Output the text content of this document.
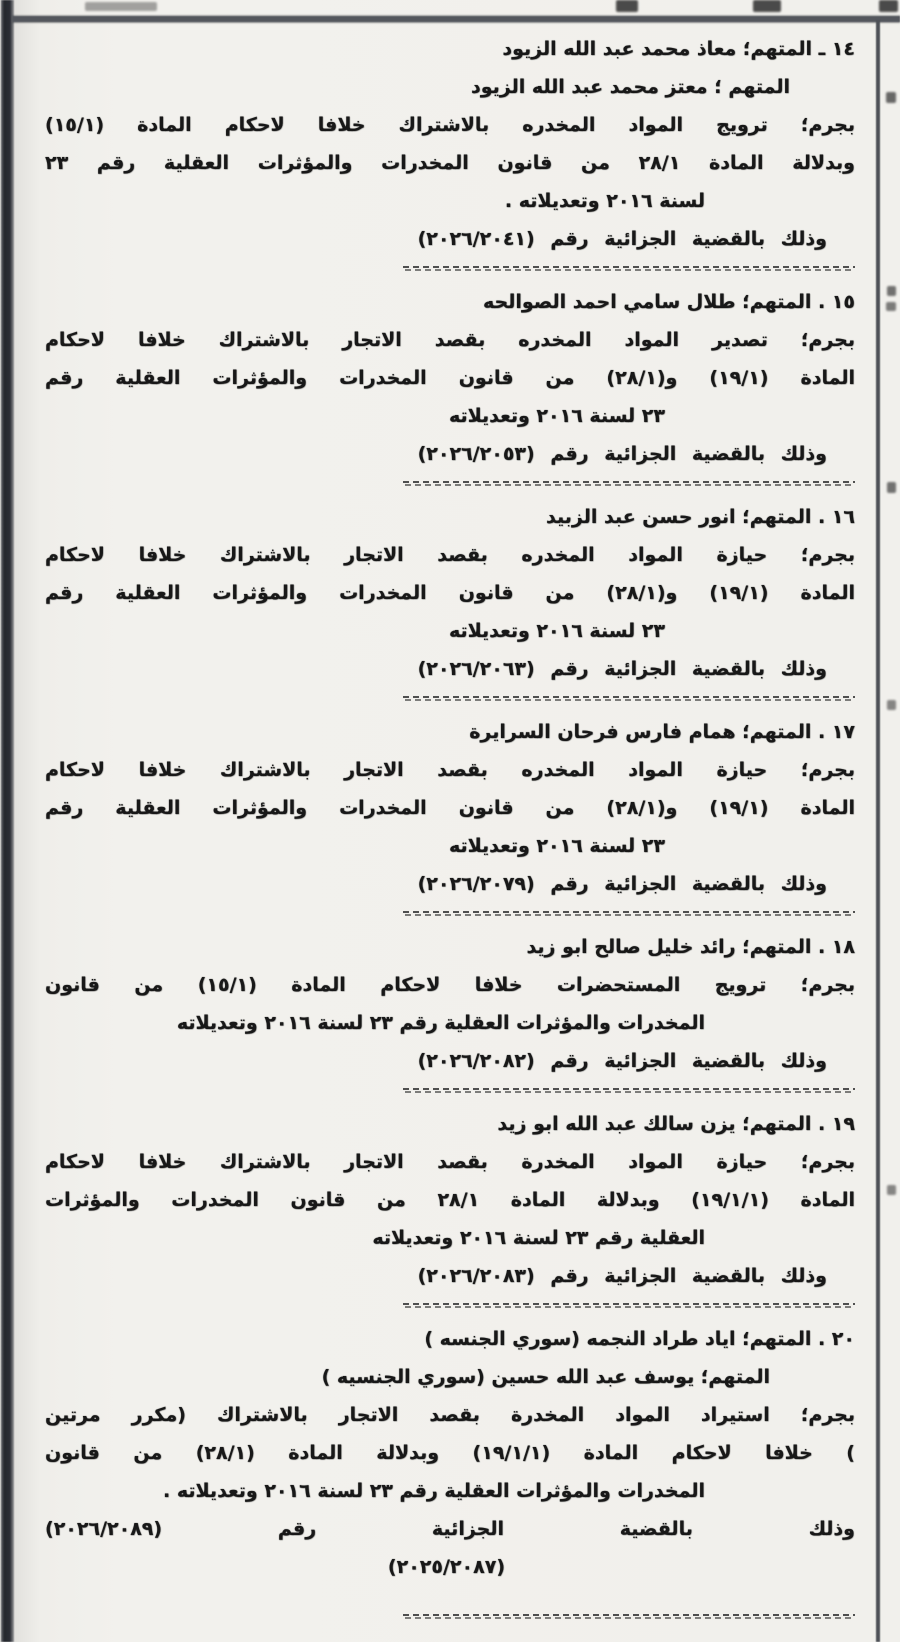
١٤ ـ المتهم؛ معاذ محمد عبد الله الزيود
المتهم ؛ معتز محمد عبد الله الزيود
بجرم؛ ترويج المواد المخدره بالاشتراك خلافا لاحكام المادة (١٥/١)
وبدلالة المادة ٢٨/١ من قانون المخدرات والمؤثرات العقلية رقم ٢٣
لسنة ٢٠١٦ وتعديلاته .
وذلك بالقضية الجزائية رقم (٢٠٢٦/٢٠٤١)
١٥ . المتهم؛ طلال سامي احمد الصوالحه
بجرم؛ تصدير المواد المخدره بقصد الاتجار بالاشتراك خلافا لاحكام
المادة (١٩/١) و(٢٨/١) من قانون المخدرات والمؤثرات العقلية رقم
٢٣ لسنة ٢٠١٦ وتعديلاته
وذلك بالقضية الجزائية رقم (٢٠٢٦/٢٠٥٣)
١٦ . المتهم؛ انور حسن عبد الزبيد
بجرم؛ حيازة المواد المخدره بقصد الاتجار بالاشتراك خلافا لاحكام
المادة (١٩/١) و(٢٨/١) من قانون المخدرات والمؤثرات العقلية رقم
٢٣ لسنة ٢٠١٦ وتعديلاته
وذلك بالقضية الجزائية رقم (٢٠٢٦/٢٠٦٣)
١٧ . المتهم؛ همام فارس فرحان السرايرة
بجرم؛ حيازة المواد المخدره بقصد الاتجار بالاشتراك خلافا لاحكام
المادة (١٩/١) و(٢٨/١) من قانون المخدرات والمؤثرات العقلية رقم
٢٣ لسنة ٢٠١٦ وتعديلاته
وذلك بالقضية الجزائية رقم (٢٠٢٦/٢٠٧٩)
١٨ . المتهم؛ رائد خليل صالح ابو زيد
بجرم؛ ترويج المستحضرات خلافا لاحكام المادة (١٥/١) من قانون
المخدرات والمؤثرات العقلية رقم ٢٣ لسنة ٢٠١٦ وتعديلاته
وذلك بالقضية الجزائية رقم (٢٠٢٦/٢٠٨٢)
١٩ . المتهم؛ يزن سالك عبد الله ابو زيد
بجرم؛ حيازة المواد المخدرة بقصد الاتجار بالاشتراك خلافا لاحكام
المادة (١٩/١/١) وبدلالة المادة ٢٨/١ من قانون المخدرات والمؤثرات
العقلية رقم ٢٣ لسنة ٢٠١٦ وتعديلاته
وذلك بالقضية الجزائية رقم (٢٠٢٦/٢٠٨٣)
٢٠ . المتهم؛ اياد طراد النجمه (سوري الجنسه )
المتهم؛ يوسف عبد الله حسين (سوري الجنسيه )
بجرم؛ استيراد المواد المخدرة بقصد الاتجار بالاشتراك (مكرر مرتين
) خلافا لاحكام المادة (١٩/١/١) وبدلالة المادة (٢٨/١) من قانون
المخدرات والمؤثرات العقلية رقم ٢٣ لسنة ٢٠١٦ وتعديلاته .
وذلك بالقضية الجزائية رقم (٢٠٢٦/٢٠٨٩)
(٢٠٢٥/٢٠٨٧)
